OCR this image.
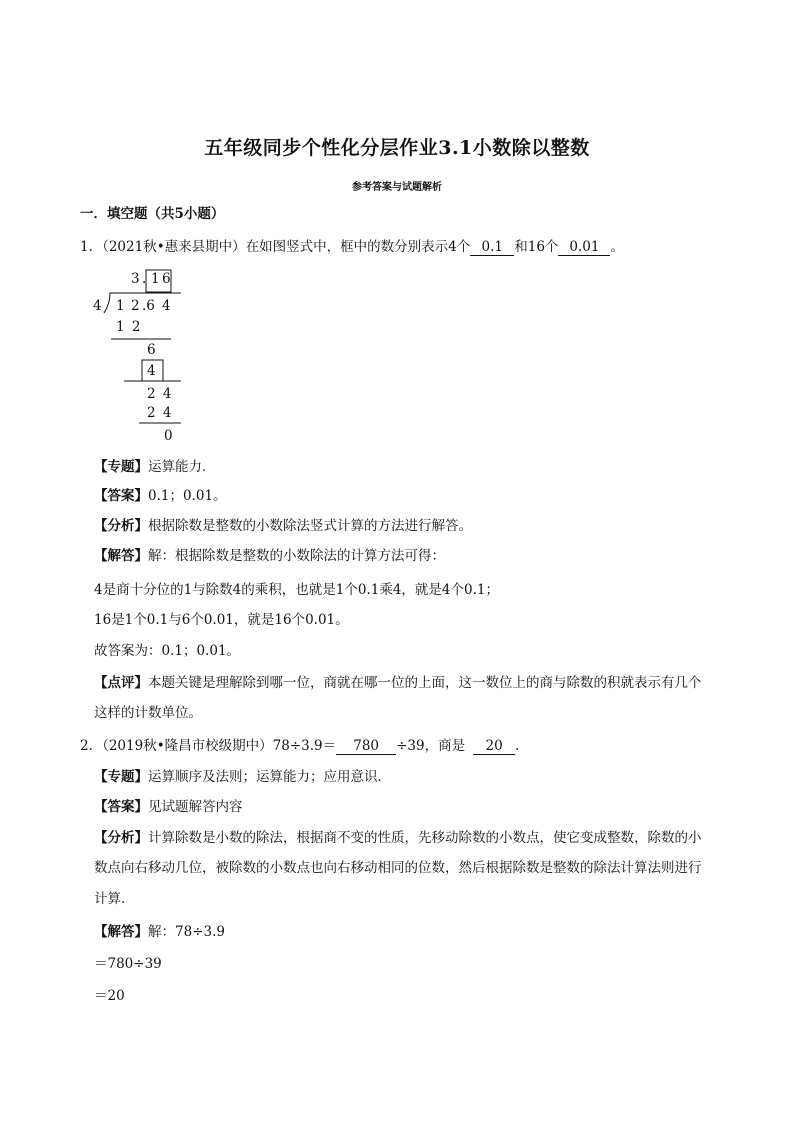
五年级同步个性化分层作业3.1小数除以整数
参考答案与试题解析
一．填空题（共5小题）
1．（2021秋•惠来县期中）在如图竖式中，框中的数分别表示4个 0.1 和16个 0.01 。
3 . 1 6
4 1 2 .6 4
1 2
6
4
2 4
2 4
0
【专题】运算能力．
【答案】0.1；0.01。
【分析】根据除数是整数的小数除法竖式计算的方法进行解答。
【解答】解：根据除数是整数的小数除法的计算方法可得：
4是商十分位的1与除数4的乘积，也就是1个0.1乘4，就是4个0.1；
16是1个0.1与6个0.01，就是16个0.01。
故答案为：0.1；0.01。
【点评】本题关键是理解除到哪一位，商就在哪一位的上面，这一数位上的商与除数的积就表示有几个
这样的计数单位。
2．（2019秋•隆昌市校级期中）78÷3.9＝ 780 ÷39，商是 20 ．
【专题】运算顺序及法则；运算能力；应用意识．
【答案】见试题解答内容
【分析】计算除数是小数的除法，根据商不变的性质，先移动除数的小数点，使它变成整数，除数的小
数点向右移动几位，被除数的小数点也向右移动相同的位数，然后根据除数是整数的除法计算法则进行
计算．
【解答】解：78÷3.9
＝780÷39
＝20
